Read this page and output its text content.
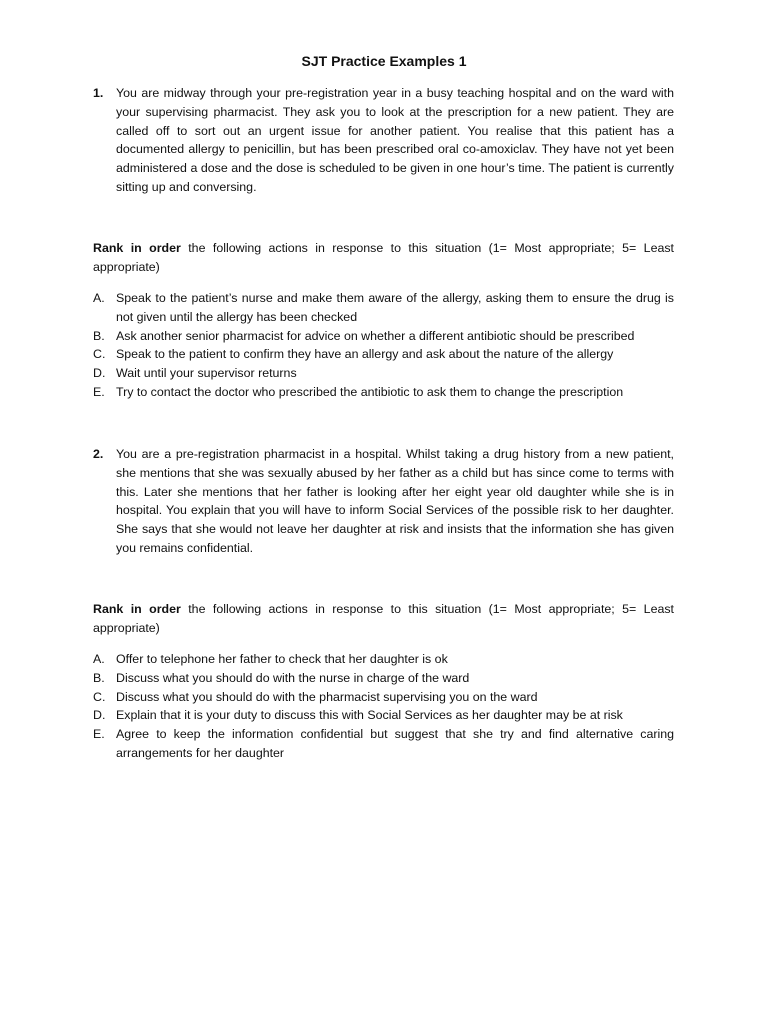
SJT Practice Examples 1
1.	You are midway through your pre-registration year in a busy teaching hospital and on the ward with your supervising pharmacist. They ask you to look at the prescription for a new patient. They are called off to sort out an urgent issue for another patient. You realise that this patient has a documented allergy to penicillin, but has been prescribed oral co-amoxiclav. They have not yet been administered a dose and the dose is scheduled to be given in one hour’s time. The patient is currently sitting up and conversing.
Rank in order the following actions in response to this situation (1= Most appropriate; 5= Least appropriate)
A. Speak to the patient’s nurse and make them aware of the allergy, asking them to ensure the drug is not given until the allergy has been checked
B. Ask another senior pharmacist for advice on whether a different antibiotic should be prescribed
C. Speak to the patient to confirm they have an allergy and ask about the nature of the allergy
D. Wait until your supervisor returns
E. Try to contact the doctor who prescribed the antibiotic to ask them to change the prescription
2.	You are a pre-registration pharmacist in a hospital. Whilst taking a drug history from a new patient, she mentions that she was sexually abused by her father as a child but has since come to terms with this. Later she mentions that her father is looking after her eight year old daughter while she is in hospital. You explain that you will have to inform Social Services of the possible risk to her daughter. She says that she would not leave her daughter at risk and insists that the information she has given you remains confidential.
Rank in order the following actions in response to this situation (1= Most appropriate; 5= Least appropriate)
A. Offer to telephone her father to check that her daughter is ok
B. Discuss what you should do with the nurse in charge of the ward
C. Discuss what you should do with the pharmacist supervising you on the ward
D. Explain that it is your duty to discuss this with Social Services as her daughter may be at risk
E. Agree to keep the information confidential but suggest that she try and find alternative caring arrangements for her daughter
